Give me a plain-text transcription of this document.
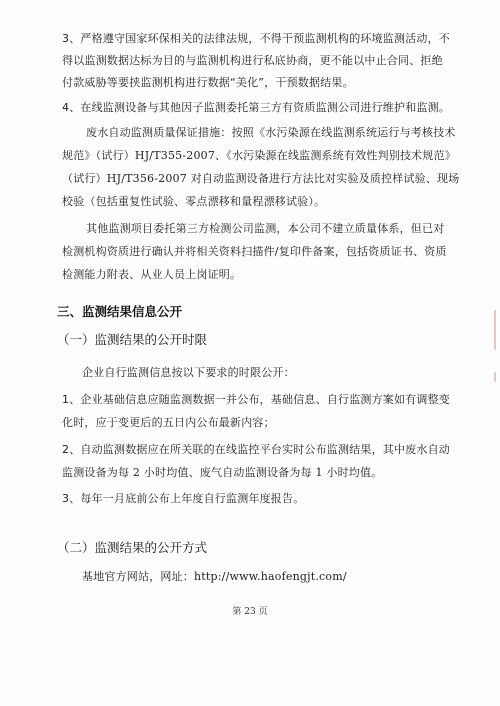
3、严格遵守国家环保相关的法律法规，不得干预监测机构的环境监测活动，不
得以监测数据达标为目的与监测机构进行私底协商，更不能以中止合同、拒绝
付款威胁等要挟监测机构进行数据“美化”，干预数据结果。
4、在线监测设备与其他因子监测委托第三方有资质监测公司进行维护和监测。
废水自动监测质量保证措施：按照《水污染源在线监测系统运行与考核技术
规范》（试行）HJ/T355-2007、《水污染源在线监测系统有效性判别技术规范》
（试行）HJ/T356-2007 对自动监测设备进行方法比对实验及质控样试验、现场
校验（包括重复性试验、零点漂移和量程漂移试验）。
其他监测项目委托第三方检测公司监测，本公司不建立质量体系，但已对
检测机构资质进行确认并将相关资料扫描件/复印件备案，包括资质证书、资质
检测能力附表、从业人员上岗证明。
三、监测结果信息公开
（一）监测结果的公开时限
企业自行监测信息按以下要求的时限公开：
1、企业基础信息应随监测数据一并公布，基础信息、自行监测方案如有调整变
化时，应于变更后的五日内公布最新内容；
2、自动监测数据应在所关联的在线监控平台实时公布监测结果，其中废水自动
监测设备为每 2 小时均值、废气自动监测设备为每 1 小时均值。
3、每年一月底前公布上年度自行监测年度报告。
（二）监测结果的公开方式
基地官方网站，网址：http://www.haofengjt.com/
第 23 页
